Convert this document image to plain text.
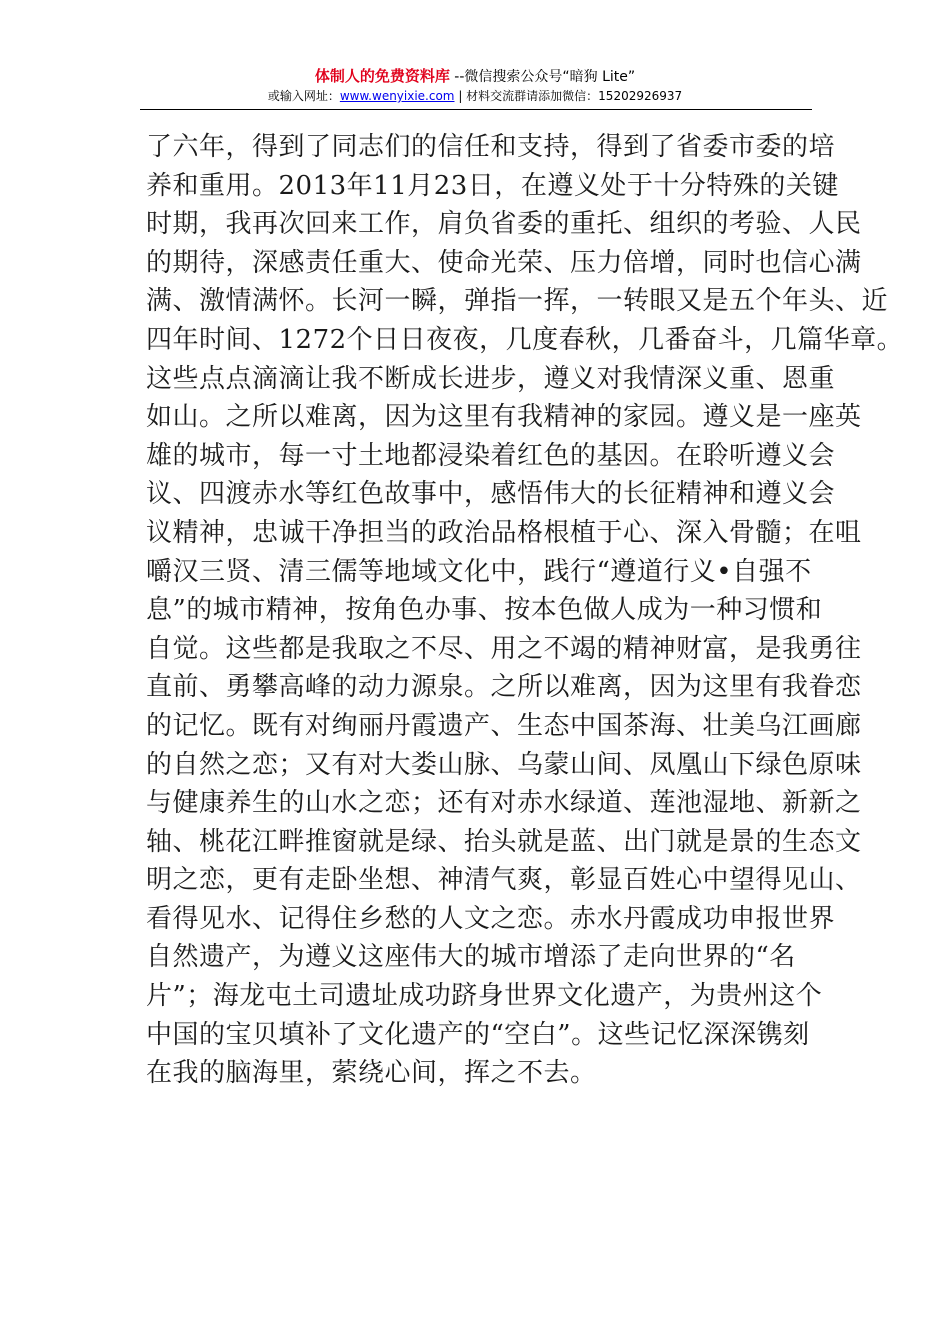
体制人的免费资料库 --微信搜索公众号“暗狗 Lite”
或输入网址：www.wenyixie.com | 材料交流群请添加微信：15202926937
了六年，得到了同志们的信任和支持，得到了省委市委的培
养和重用。2013年11月23日，在遵义处于十分特殊的关键
时期，我再次回来工作，肩负省委的重托、组织的考验、人民
的期待，深感责任重大、使命光荣、压力倍增，同时也信心满
满、激情满怀。长河一瞬，弹指一挥，一转眼又是五个年头、近
四年时间、1272个日日夜夜，几度春秋，几番奋斗，几篇华章。
这些点点滴滴让我不断成长进步，遵义对我情深义重、恩重
如山。之所以难离，因为这里有我精神的家园。遵义是一座英
雄的城市，每一寸土地都浸染着红色的基因。在聆听遵义会
议、四渡赤水等红色故事中，感悟伟大的长征精神和遵义会
议精神，忠诚干净担当的政治品格根植于心、深入骨髓；在咀
嚼汉三贤、清三儒等地域文化中，践行“遵道行义•自强不
息”的城市精神，按角色办事、按本色做人成为一种习惯和
自觉。这些都是我取之不尽、用之不竭的精神财富，是我勇往
直前、勇攀高峰的动力源泉。之所以难离，因为这里有我眷恋
的记忆。既有对绚丽丹霞遗产、生态中国茶海、壮美乌江画廊
的自然之恋；又有对大娄山脉、乌蒙山间、凤凰山下绿色原味
与健康养生的山水之恋；还有对赤水绿道、莲池湿地、新新之
轴、桃花江畔推窗就是绿、抬头就是蓝、出门就是景的生态文
明之恋，更有走卧坐想、神清气爽，彰显百姓心中望得见山、
看得见水、记得住乡愁的人文之恋。赤水丹霞成功申报世界
自然遗产，为遵义这座伟大的城市增添了走向世界的“名
片”；海龙屯土司遗址成功跻身世界文化遗产，为贵州这个
中国的宝贝填补了文化遗产的“空白”。这些记忆深深镌刻
在我的脑海里，萦绕心间，挥之不去。
